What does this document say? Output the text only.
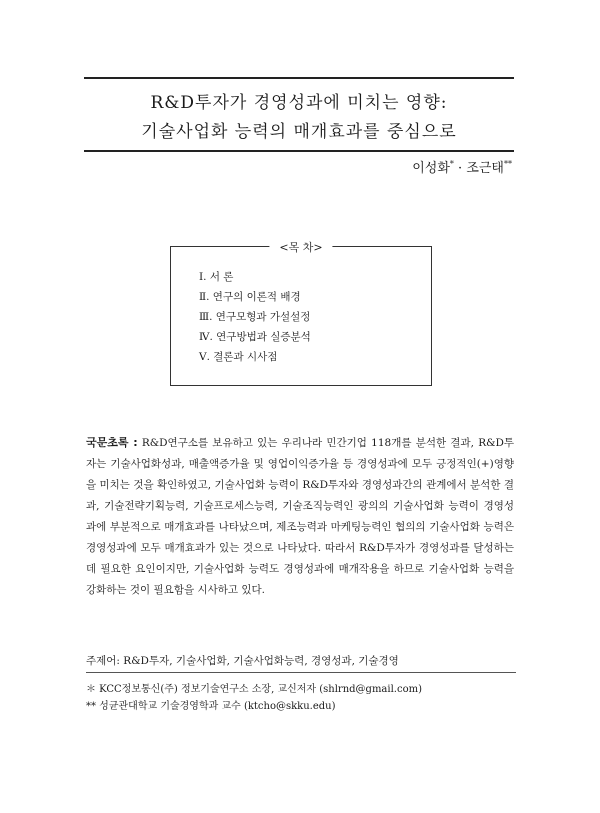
R&D투자가 경영성과에 미치는 영향:
기술사업화 능력의 매개효과를 중심으로
이성화* · 조근태**
<목 차>
Ⅰ. 서 론
Ⅱ. 연구의 이론적 배경
Ⅲ. 연구모형과 가설설정
Ⅳ. 연구방법과 실증분석
Ⅴ. 결론과 시사점
국문초록 : R&D연구소를 보유하고 있는 우리나라 민간기업 118개를 분석한 결과, R&D투자는 기술사업화성과, 매출액증가율 및 영업이익증가율 등 경영성과에 모두 긍정적인(+)영향을 미치는 것을 확인하였고, 기술사업화 능력이 R&D투자와 경영성과간의 관계에서 분석한 결과, 기술전략기획능력, 기술프로세스능력, 기술조직능력인 광의의 기술사업화 능력이 경영성과에 부분적으로 매개효과를 나타났으며, 제조능력과 마케팅능력인 협의의 기술사업화 능력은 경영성과에 모두 매개효과가 있는 것으로 나타났다. 따라서 R&D투자가 경영성과를 달성하는데 필요한 요인이지만, 기술사업화 능력도 경영성과에 매개작용을 하므로 기술사업화 능력을 강화하는 것이 필요함을 시사하고 있다.
주제어: R&D투자, 기술사업화, 기술사업화능력, 경영성과, 기술경영
＊ KCC정보통신(주) 정보기술연구소 소장, 교신저자 (shlrnd@gmail.com)
** 성균관대학교 기술경영학과 교수 (ktcho@skku.edu)
